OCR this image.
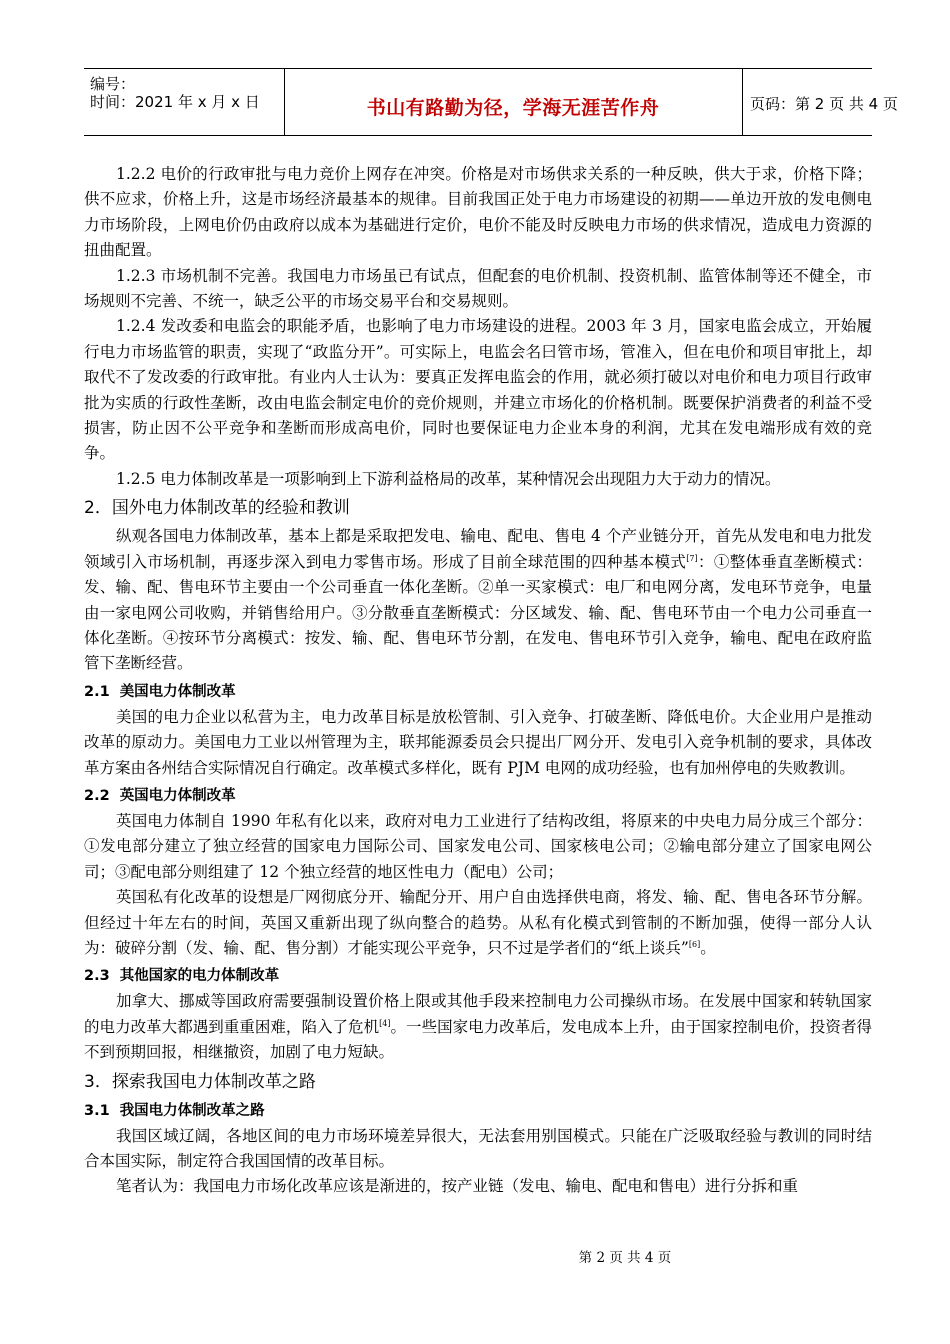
编号：
时间：2021 年 x 月 x 日	书山有路勤为径，学海无涯苦作舟	页码：第 2 页 共 4 页

1.2.2 电价的行政审批与电力竞价上网存在冲突。价格是对市场供求关系的一种反映，供大于求，价格下降；供不应求，价格上升，这是市场经济最基本的规律。目前我国正处于电力市场建设的初期——单边开放的发电侧电力市场阶段，上网电价仍由政府以成本为基础进行定价，电价不能及时反映电力市场的供求情况，造成电力资源的扭曲配置。

1.2.3 市场机制不完善。我国电力市场虽已有试点，但配套的电价机制、投资机制、监管体制等还不健全，市场规则不完善、不统一，缺乏公平的市场交易平台和交易规则。

1.2.4 发改委和电监会的职能矛盾，也影响了电力市场建设的进程。2003 年 3 月，国家电监会成立，开始履行电力市场监管的职责，实现了“政监分开”。可实际上，电监会名曰管市场，管准入，但在电价和项目审批上，却取代不了发改委的行政审批。有业内人士认为：要真正发挥电监会的作用，就必须打破以对电价和电力项目行政审批为实质的行政性垄断，改由电监会制定电价的竞价规则，并建立市场化的价格机制。既要保护消费者的利益不受损害，防止因不公平竞争和垄断而形成高电价，同时也要保证电力企业本身的利润，尤其在发电端形成有效的竞争。

1.2.5 电力体制改革是一项影响到上下游利益格局的改革，某种情况会出现阻力大于动力的情况。

2．国外电力体制改革的经验和教训

纵观各国电力体制改革，基本上都是采取把发电、输电、配电、售电 4 个产业链分开，首先从发电和电力批发领域引入市场机制，再逐步深入到电力零售市场。形成了目前全球范围的四种基本模式[7]：①整体垂直垄断模式：发、输、配、售电环节主要由一个公司垂直一体化垄断。②单一买家模式：电厂和电网分离，发电环节竞争，电量由一家电网公司收购，并销售给用户。③分散垂直垄断模式：分区域发、输、配、售电环节由一个电力公司垂直一体化垄断。④按环节分离模式：按发、输、配、售电环节分割，在发电、售电环节引入竞争，输电、配电在政府监管下垄断经营。

2.1 美国电力体制改革

美国的电力企业以私营为主，电力改革目标是放松管制、引入竞争、打破垄断、降低电价。大企业用户是推动改革的原动力。美国电力工业以州管理为主，联邦能源委员会只提出厂网分开、发电引入竞争机制的要求，具体改革方案由各州结合实际情况自行确定。改革模式多样化，既有 PJM 电网的成功经验，也有加州停电的失败教训。

2.2 英国电力体制改革

英国电力体制自 1990 年私有化以来，政府对电力工业进行了结构改组，将原来的中央电力局分成三个部分：①发电部分建立了独立经营的国家电力国际公司、国家发电公司、国家核电公司；②输电部分建立了国家电网公司；③配电部分则组建了 12 个独立经营的地区性电力（配电）公司；

英国私有化改革的设想是厂网彻底分开、输配分开、用户自由选择供电商，将发、输、配、售电各环节分解。但经过十年左右的时间，英国又重新出现了纵向整合的趋势。从私有化模式到管制的不断加强，使得一部分人认为：破碎分割（发、输、配、售分割）才能实现公平竞争，只不过是学者们的“纸上谈兵”[6]。

2.3 其他国家的电力体制改革

加拿大、挪威等国政府需要强制设置价格上限或其他手段来控制电力公司操纵市场。在发展中国家和转轨国家的电力改革大都遇到重重困难，陷入了危机[4]。一些国家电力改革后，发电成本上升，由于国家控制电价，投资者得不到预期回报，相继撤资，加剧了电力短缺。

3．探索我国电力体制改革之路
3.1 我国电力体制改革之路

我国区域辽阔，各地区间的电力市场环境差异很大，无法套用别国模式。只能在广泛吸取经验与教训的同时结合本国实际，制定符合我国国情的改革目标。

笔者认为：我国电力市场化改革应该是渐进的，按产业链（发电、输电、配电和售电）进行分拆和重

第 2 页 共 4 页
